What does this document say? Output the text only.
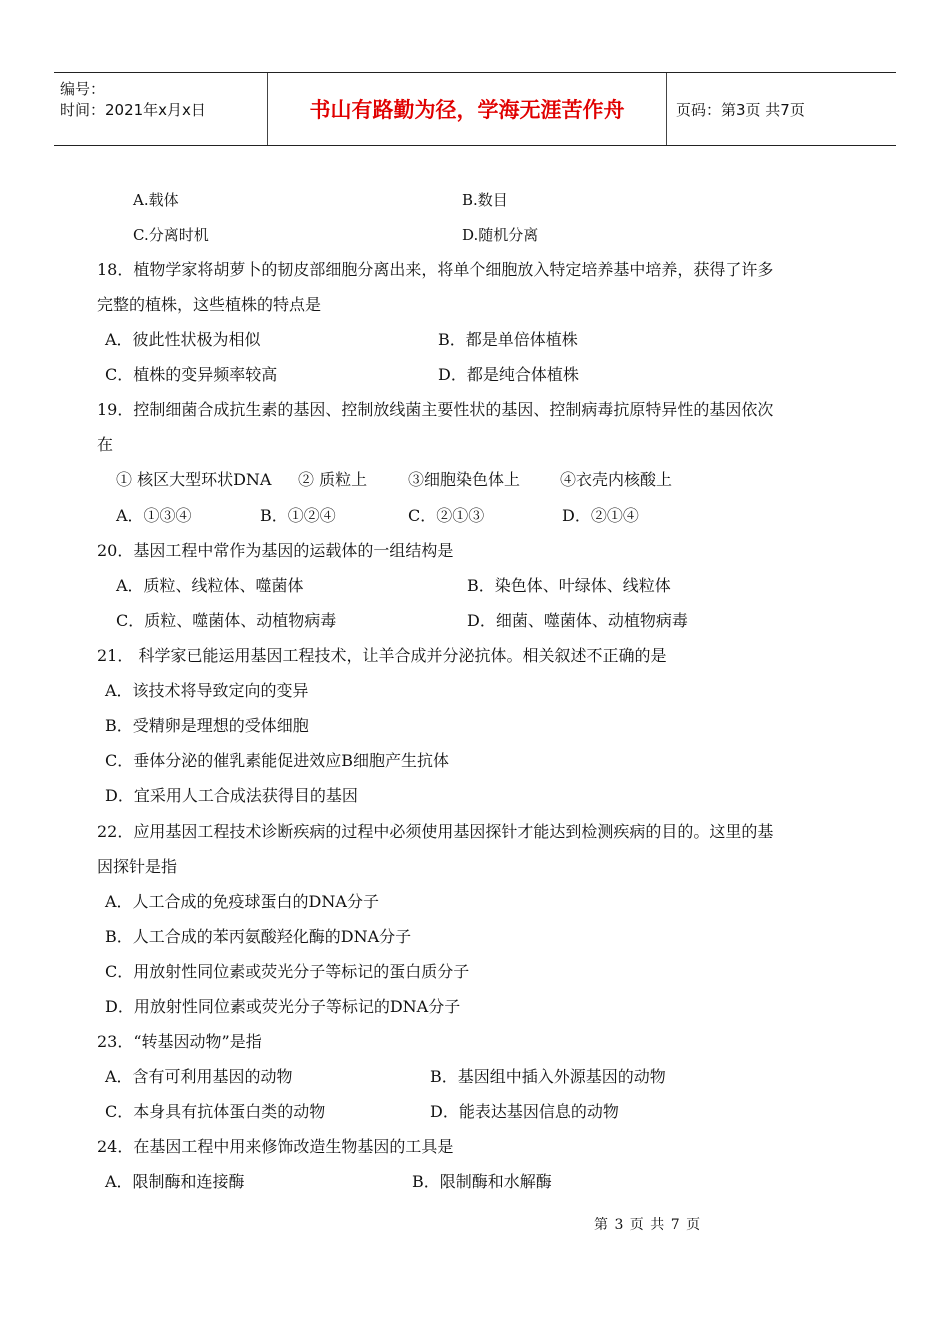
编号：
时间：2021年x月x日	书山有路勤为径，学海无涯苦作舟	页码：第3页 共7页
A.载体	B.数目
C.分离时机	D.随机分离
18．植物学家将胡萝卜的韧皮部细胞分离出来，将单个细胞放入特定培养基中培养，获得了许多
完整的植株，这些植株的特点是
A．彼此性状极为相似	B．都是单倍体植株
C．植株的变异频率较高	D．都是纯合体植株
19．控制细菌合成抗生素的基因、控制放线菌主要性状的基因、控制病毒抗原特异性的基因依次
在
① 核区大型环状DNA ② 质粒上	③细胞染色体上 ④衣壳内核酸上
A．①③④	B．①②④	C．②①③	D．②①④
20．基因工程中常作为基因的运载体的一组结构是
A．质粒、线粒体、噬菌体	B．染色体、叶绿体、线粒体
C．质粒、噬菌体、动植物病毒	D．细菌、噬菌体、动植物病毒
21． 科学家已能运用基因工程技术，让羊合成并分泌抗体。相关叙述不正确的是
A．该技术将导致定向的变异
B．受精卵是理想的受体细胞
C．垂体分泌的催乳素能促进效应B细胞产生抗体
D．宜采用人工合成法获得目的基因
22．应用基因工程技术诊断疾病的过程中必须使用基因探针才能达到检测疾病的目的。这里的基
因探针是指
A．人工合成的免疫球蛋白的DNA分子
B．人工合成的苯丙氨酸羟化酶的DNA分子
C．用放射性同位素或荧光分子等标记的蛋白质分子
D．用放射性同位素或荧光分子等标记的DNA分子
23．“转基因动物”是指
A．含有可利用基因的动物	B．基因组中插入外源基因的动物
C．本身具有抗体蛋白类的动物	D．能表达基因信息的动物
24．在基因工程中用来修饰改造生物基因的工具是
A．限制酶和连接酶	B．限制酶和水解酶
第 3 页 共 7 页
